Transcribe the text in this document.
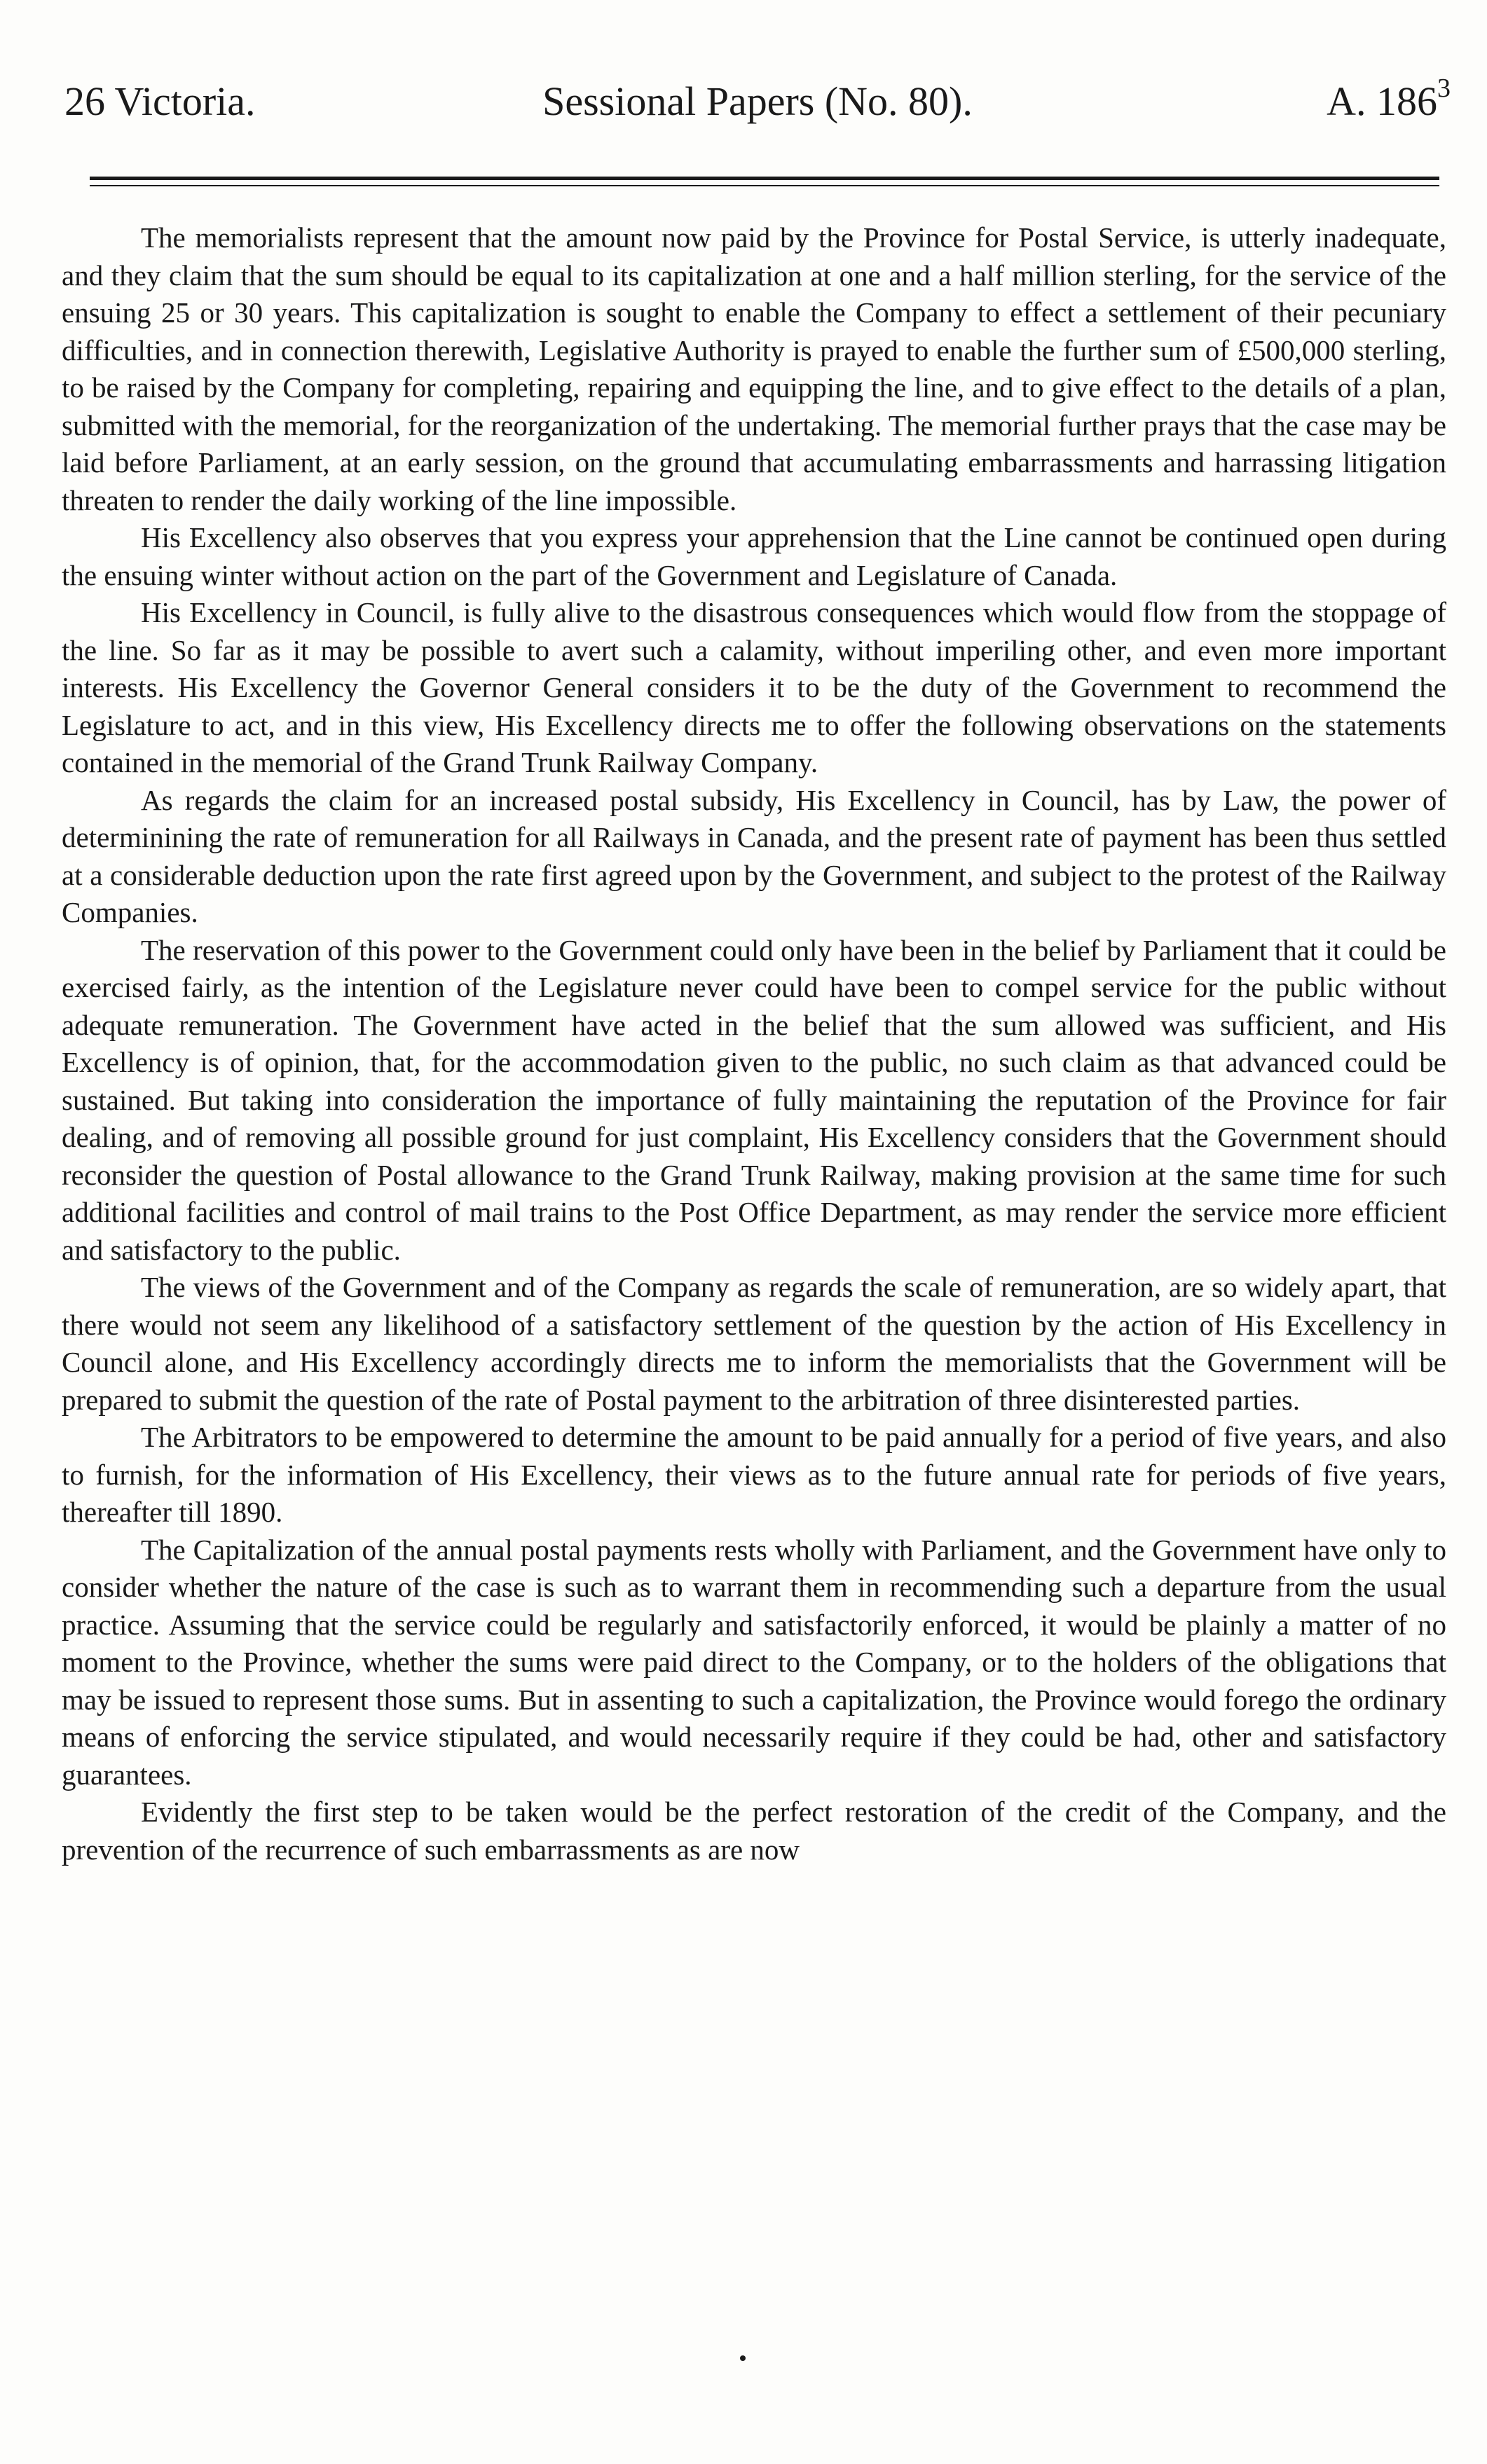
26 Victoria.	Sessional Papers (No. 80).	A. $186^3$

The memorialists represent that the amount now paid by the Province for Postal Service, is utterly inadequate, and they claim that the sum should be equal to its capitalization at one and a half million sterling, for the service of the ensuing 25 or 30 years. This capitalization is sought to enable the Company to effect a settlement of their pecuniary difficulties, and in connection therewith, Legislative Authority is prayed to enable the further sum of £500,000 sterling, to be raised by the Company for completing, repairing and equipping the line, and to give effect to the details of a plan, submitted with the memorial, for the reorganization of the undertaking. The memorial further prays that the case may be laid before Parliament, at an early session, on the ground that accumulating embarrassments and harrassing litigation threaten to render the daily working of the line impossible.

His Excellency also observes that you express your apprehension that the Line cannot be continued open during the ensuing winter without action on the part of the Government and Legislature of Canada.

His Excellency in Council, is fully alive to the disastrous consequences which would flow from the stoppage of the line. So far as it may be possible to avert such a calamity, without imperiling other, and even more important interests. His Excellency the Governor General considers it to be the duty of the Government to recommend the Legislature to act, and in this view, His Excellency directs me to offer the following observations on the statements contained in the memorial of the Grand Trunk Railway Company.

As regards the claim for an increased postal subsidy, His Excellency in Council, has by Law, the power of determinining the rate of remuneration for all Railways in Canada, and the present rate of payment has been thus settled at a considerable deduction upon the rate first agreed upon by the Government, and subject to the protest of the Railway Companies.

The reservation of this power to the Government could only have been in the belief by Parliament that it could be exercised fairly, as the intention of the Legislature never could have been to compel service for the public without adequate remuneration. The Government have acted in the belief that the sum allowed was sufficient, and His Excellency is of opinion, that, for the accommodation given to the public, no such claim as that advanced could be sustained. But taking into consideration the importance of fully maintaining the reputation of the Province for fair dealing, and of removing all possible ground for just complaint, His Excellency considers that the Government should reconsider the question of Postal allowance to the Grand Trunk Railway, making provision at the same time for such additional facilities and control of mail trains to the Post Office Department, as may render the service more efficient and satisfactory to the public.

The views of the Government and of the Company as regards the scale of remuneration, are so widely apart, that there would not seem any likelihood of a satisfactory settlement of the question by the action of His Excellency in Council alone, and His Excellency accordingly directs me to inform the memorialists that the Government will be prepared to submit the question of the rate of Postal payment to the arbitration of three disinterested parties.

The Arbitrators to be empowered to determine the amount to be paid annually for a period of five years, and also to furnish, for the information of His Excellency, their views as to the future annual rate for periods of five years, thereafter till 1890.

The Capitalization of the annual postal payments rests wholly with Parliament, and the Government have only to consider whether the nature of the case is such as to warrant them in recommending such a departure from the usual practice. Assuming that the service could be regularly and satisfactorily enforced, it would be plainly a matter of no moment to the Province, whether the sums were paid direct to the Company, or to the holders of the obligations that may be issued to represent those sums. But in assenting to such a capitalization, the Province would forego the ordinary means of enforcing the service stipulated, and would necessarily require if they could be had, other and satisfactory guarantees.

Evidently the first step to be taken would be the perfect restoration of the credit of the Company, and the prevention of the recurrence of such embarrassments as are now
